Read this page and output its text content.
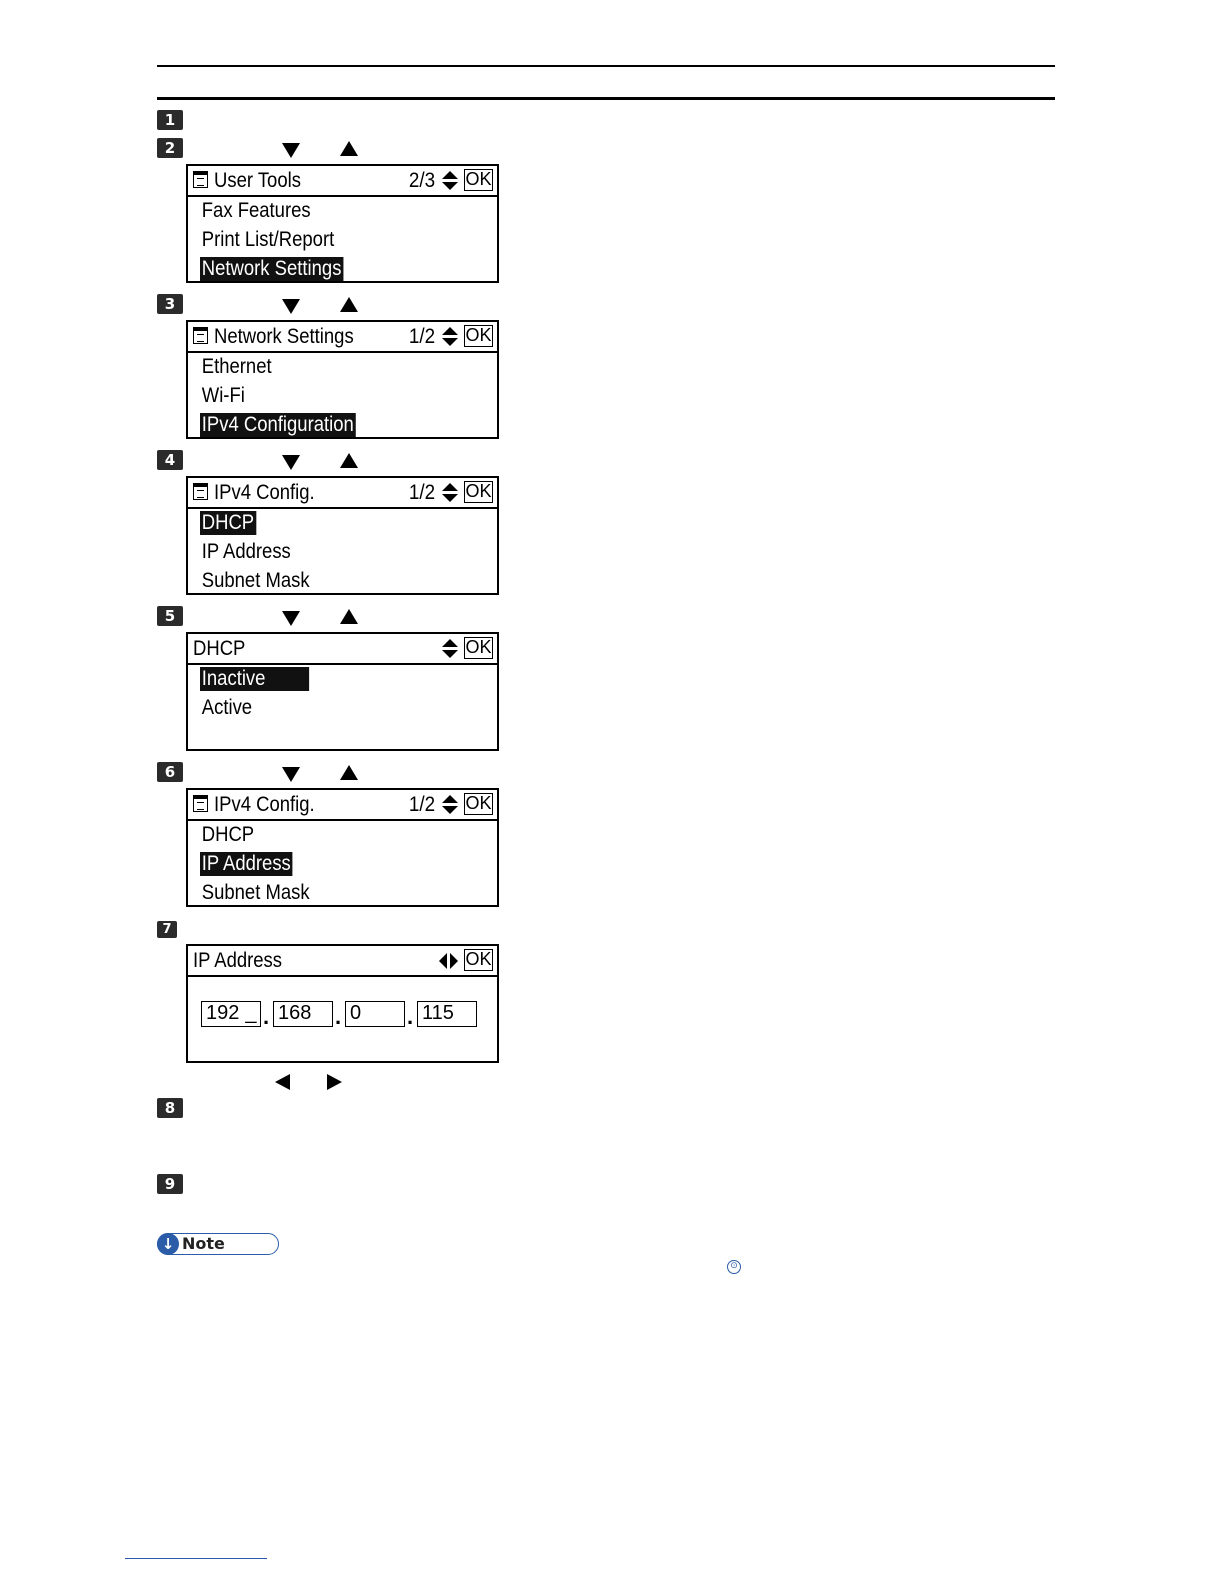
1
2
User Tools	2/3 OK
Fax Features
Print List/Report
Network Settings
3
Network Settings	1/2 OK
Ethernet
Wi-Fi
IPv4 Configuration
4
IPv4 Config.	1/2 OK
DHCP
IP Address
Subnet Mask
5
DHCP	OK
Inactive
Active
6
IPv4 Config.	1/2 OK
DHCP
IP Address
Subnet Mask
7
IP Address	OK
192 _ . 168	. 0	. 115
8
9
↓ Note
⊙
